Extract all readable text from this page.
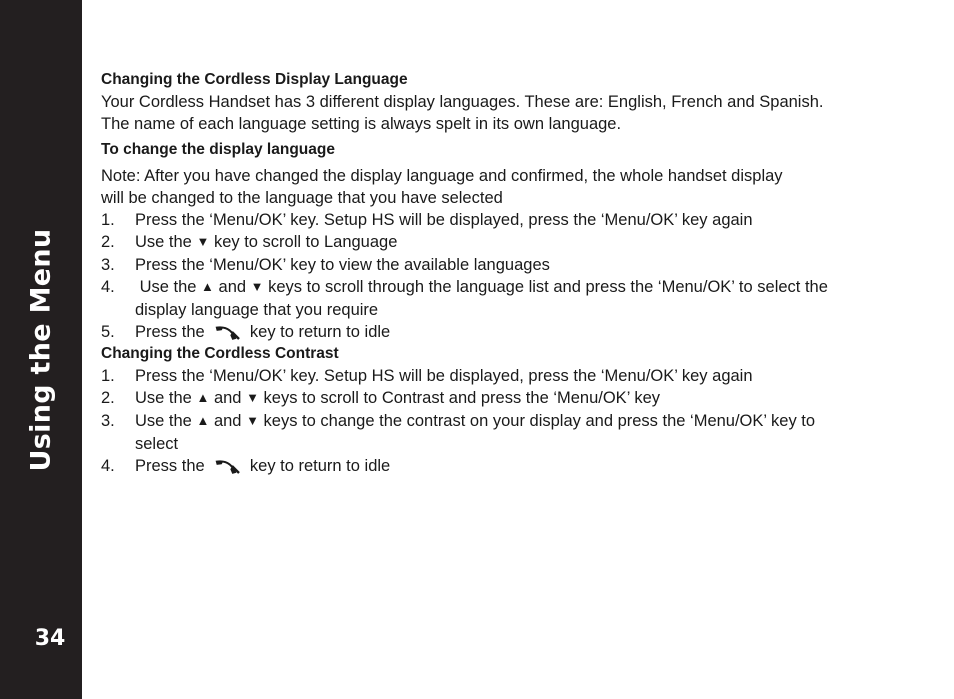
Using the Menu
34

Changing the Cordless Display Language

Your Cordless Handset has 3 different display languages. These are: English, French and Spanish.

The name of each language setting is always spelt in its own language.

To change the display language

Note: After you have changed the display language and confirmed, the whole handset display

will be changed to the language that you have selected

1.	Press the ‘Menu/OK’ key. Setup HS will be displayed, press the ‘Menu/OK’ key again
2.	Use the ▼ key to scroll to Language
3.	Press the ‘Menu/OK’ key to view the available languages
4.	Use the ▲ and ▼ keys to scroll through the language list and press the ‘Menu/OK’ to select the
display language that you require
5.	Press the	key to return to idle

Changing the Cordless Contrast

1.	Press the ‘Menu/OK’ key. Setup HS will be displayed, press the ‘Menu/OK’ key again
2.	Use the ▲ and ▼ keys to scroll to Contrast and press the ‘Menu/OK’ key
3.	Use the ▲ and ▼ keys to change the contrast on your display and press the ‘Menu/OK’ key to
select
4.	Press the	key to return to idle
